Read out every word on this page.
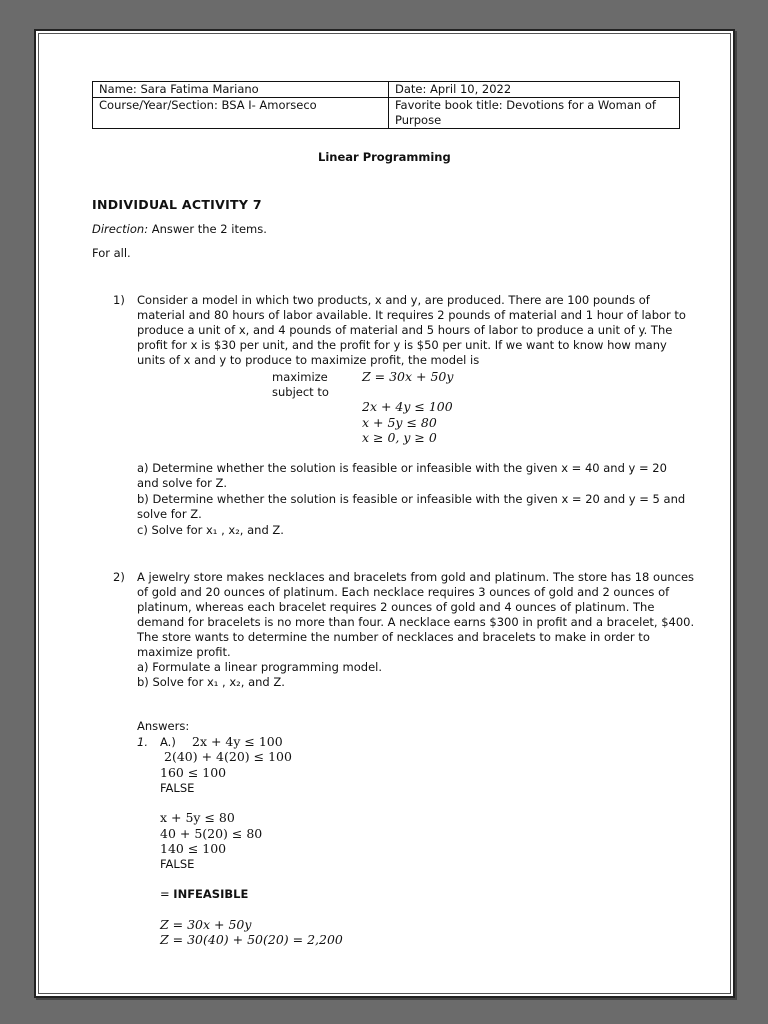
Name: Sara Fatima Mariano	Date: April 10, 2022
Course/Year/Section: BSA I- Amorseco	Favorite book title: Devotions for a Woman of Purpose
Linear Programming
INDIVIDUAL ACTIVITY 7
Direction: Answer the 2 items.
For all.
1) Consider a model in which two products, x and y, are produced. There are 100 pounds of

material and 80 hours of labor available. It requires 2 pounds of material and 1 hour of labor to

produce a unit of x, and 4 pounds of material and 5 hours of labor to produce a unit of y. The

profit for x is $30 per unit, and the profit for y is $50 per unit. If we want to know how many

units of x and y to produce to maximize profit, the model is

maximize	Z = 30x + 50y
subject to
2x + 4y ≤ 100
x + 5y ≤ 80
x ≥ 0, y ≥ 0
a) Determine whether the solution is feasible or infeasible with the given x = 40 and y = 20
and solve for Z.
b) Determine whether the solution is feasible or infeasible with the given x = 20 and y = 5 and
solve for Z.
c) Solve for x₁ , x₂, and Z.
2) A jewelry store makes necklaces and bracelets from gold and platinum. The store has 18 ounces

of gold and 20 ounces of platinum. Each necklace requires 3 ounces of gold and 2 ounces of

platinum, whereas each bracelet requires 2 ounces of gold and 4 ounces of platinum. The

demand for bracelets is no more than four. A necklace earns $300 in profit and a bracelet, $400.

The store wants to determine the number of necklaces and bracelets to make in order to

maximize profit.

a) Formulate a linear programming model.

b) Solve for x₁ , x₂, and Z.

Answers:
1. A.) 2x + 4y ≤ 100
2(40) + 4(20) ≤ 100
160 ≤ 100
FALSE
x + 5y ≤ 80
40 + 5(20) ≤ 80
140 ≤ 100
FALSE
= INFEASIBLE
Z = 30x + 50y
Z = 30(40) + 50(20) = 2,200
